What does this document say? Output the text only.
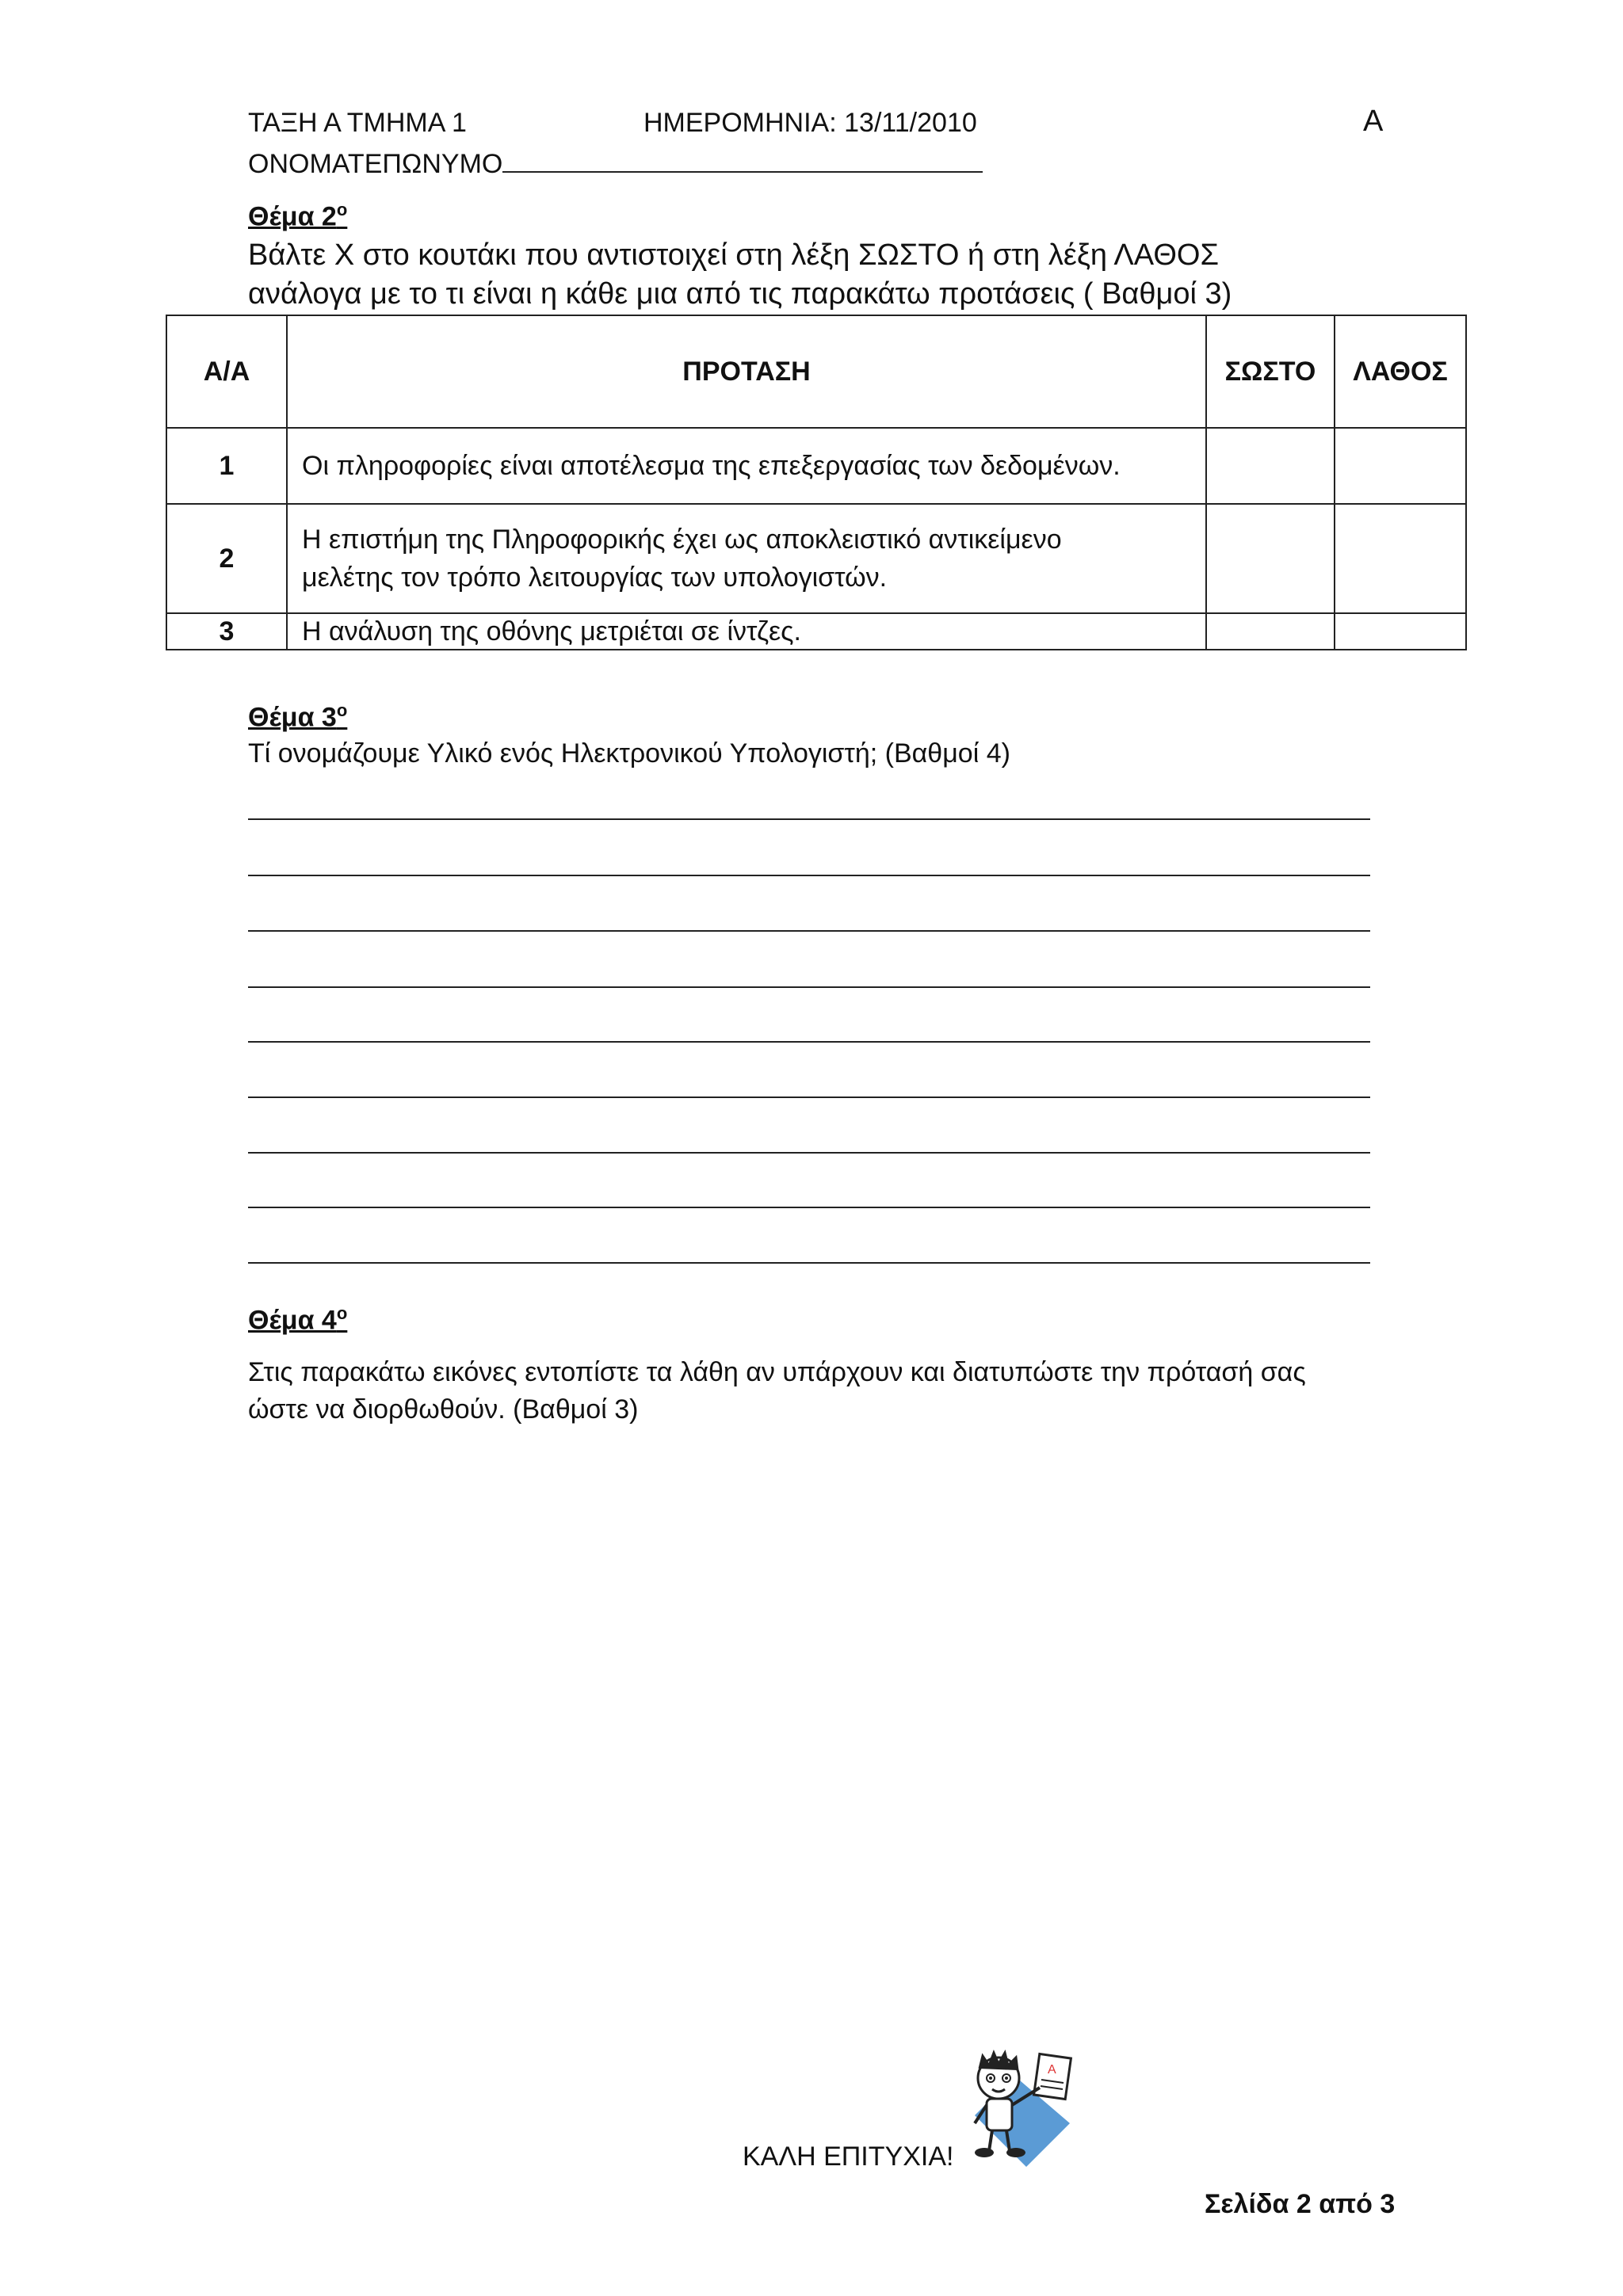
ΤΑΞΗ Α ΤΜΗΜΑ 1	ΗΜΕΡΟΜΗΝΙΑ: 13/11/2010	Α
ΟΝΟΜΑΤΕΠΩΝΥΜΟ
Θέμα $2^o$
Βάλτε Χ στο κουτάκι που αντιστοιχεί στη λέξη ΣΩΣΤΟ ή στη λέξη ΛΑΘΟΣ
ανάλογα με το τι είναι η κάθε μια από τις παρακάτω προτάσεις ( Βαθμοί 3)
Α/Α	ΠΡΟΤΑΣΗ	ΣΩΣΤΟ	ΛΑΘΟΣ
1	Οι πληροφορίες είναι αποτέλεσμα της επεξεργασίας των δεδομένων.		
2	Η επιστήμη της Πληροφορικής έχει ως αποκλειστικό αντικείμενο
μελέτης τον τρόπο λειτουργίας των υπολογιστών.		

3	Η ανάλυση της οθόνης μετριέται σε ίντζες.		
Θέμα $3^o$
Τί ονομάζουμε Υλικό ενός Ηλεκτρονικού Υπολογιστή; (Βαθμοί 4)
Θέμα $4^o$
Στις παρακάτω εικόνες εντοπίστε τα λάθη αν υπάρχουν και διατυπώστε την πρότασή σας
ώστε να διορθωθούν. (Βαθμοί 3)
ΚΑΛΗ ΕΠΙΤΥΧΙΑ!
A
Σελίδα 2 από 3
